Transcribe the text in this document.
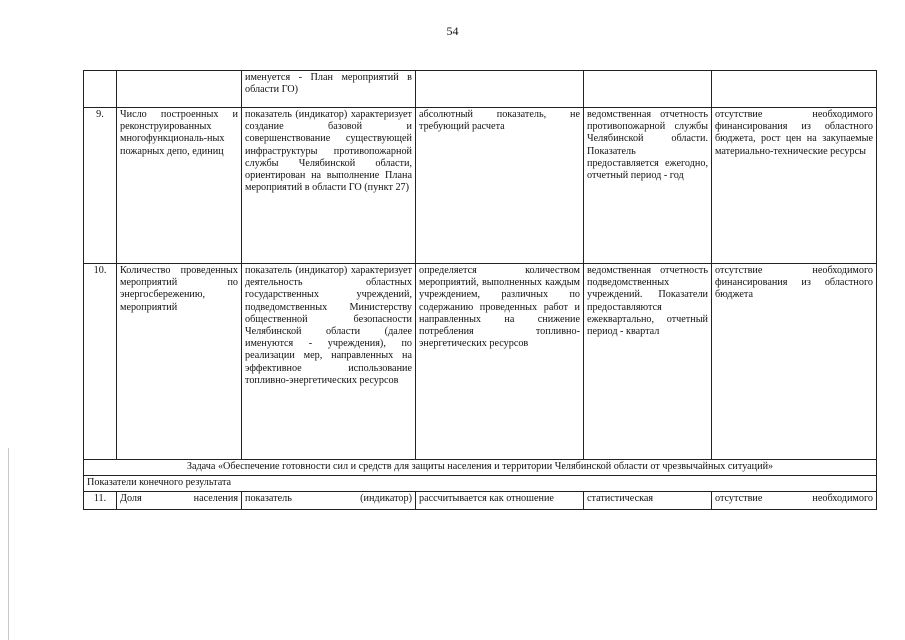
54
		именуется - План мероприятий в области ГО)			
9.	Число построенных и реконструированных многофункциональ-ных пожарных депо, единиц	показатель (индикатор) характеризует создание базовой и совершенствование существующей инфраструктуры противопожарной службы Челябинской области, ориентирован на выполнение Плана мероприятий в области ГО (пункт 27)	абсолютный показатель, не требующий расчета	ведомственная отчетность противопожарной службы Челябинской области. Показатель предоставляется ежегодно, отчетный период - год	отсутствие необходимого финансирования из областного бюджета, рост цен на закупаемые материально-технические ресурсы
10.	Количество проведенных мероприятий по энергосбережению, мероприятий	показатель (индикатор) характеризует деятельность областных государственных учреждений, подведомственных Министерству общественной безопасности Челябинской области (далее именуются - учреждения), по реализации мер, направленных на эффективное использование топливно-энергетических ресурсов	определяется количеством мероприятий, выполненных каждым учреждением, различных по содержанию проведенных работ и направленных на снижение потребления топливно-энергетических ресурсов	ведомственная отчетность подведомственных учреждений. Показатели предоставляются ежеквартально, отчетный период - квартал	отсутствие необходимого финансирования из областного бюджета
Задача «Обеспечение готовности сил и средств для защиты населения и территории Челябинской области от чрезвычайных ситуаций»					
Показатели конечного результата					
11.	Доля населения	показатель (индикатор)	рассчитывается как отношение	статистическая	отсутствие необходимого
